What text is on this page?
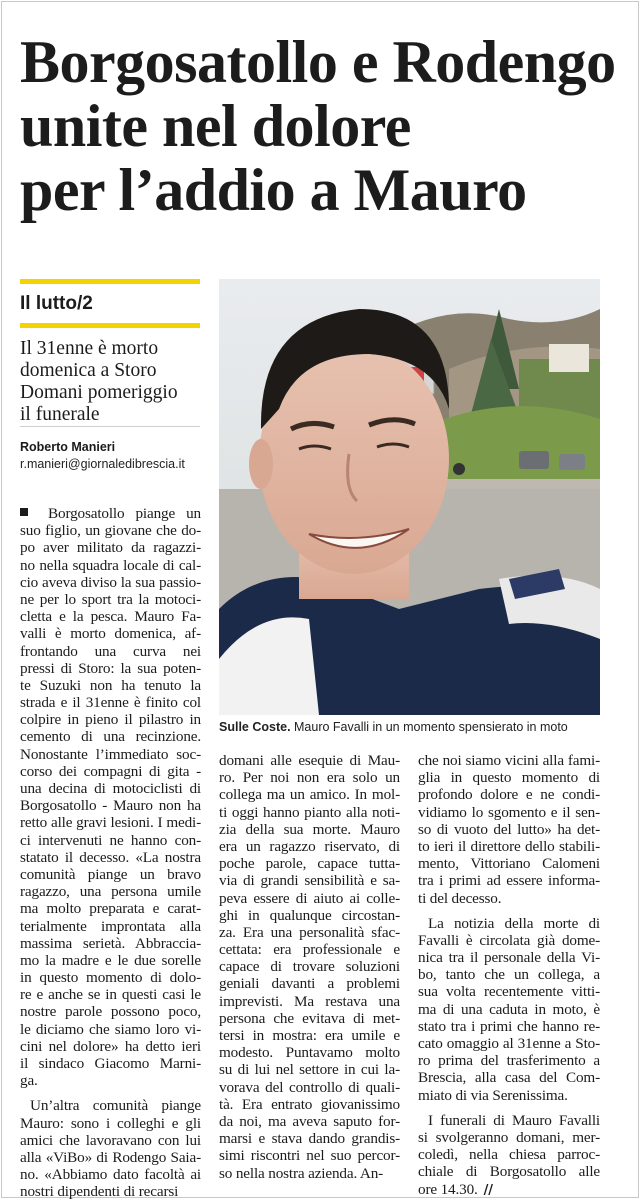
Borgosatollo e Rodengo
unite nel dolore
per l’addio a Mauro
Il lutto/2
Il 31enne è morto
domenica a Storo
Domani pomeriggio
il funerale
Roberto Manieri
r.manieri@giornaledibrescia.it
Sulle Coste. Mauro Favalli in un momento spensierato in moto
Borgosatollo piange un
suo figlio, un giovane che do-
po aver militato da ragazzi-
no nella squadra locale di cal-
cio aveva diviso la sua passio-
ne per lo sport tra la motoci-
cletta e la pesca. Mauro Fa-
valli è morto domenica, af-
frontando una curva nei
pressi di Storo: la sua poten-
te Suzuki non ha tenuto la
strada e il 31enne è finito col
colpire in pieno il pilastro in
cemento di una recinzione.
Nonostante l’immediato soc-
corso dei compagni di gita -
una decina di motociclisti di
Borgosatollo - Mauro non ha
retto alle gravi lesioni. I medi-
ci intervenuti ne hanno con-
statato il decesso. «La nostra
comunità piange un bravo
ragazzo, una persona umile
ma molto preparata e carat-
terialmente improntata alla
massima serietà. Abbraccia-
mo la madre e le due sorelle
in questo momento di dolo-
re e anche se in questi casi le
nostre parole possono poco,
le diciamo che siamo loro vi-
cini nel dolore» ha detto ieri
il sindaco Giacomo Marni-
ga.
Un’altra comunità piange
Mauro: sono i colleghi e gli
amici che lavoravano con lui
alla «ViBo» di Rodengo Saia-
no. «Abbiamo dato facoltà ai
nostri dipendenti di recarsi
domani alle esequie di Mau-
ro. Per noi non era solo un
collega ma un amico. In mol-
ti oggi hanno pianto alla noti-
zia della sua morte. Mauro
era un ragazzo riservato, di
poche parole, capace tuttа-
via di grandi sensibilità e sa-
peva essere di aiuto ai colle-
ghi in qualunque circostan-
za. Era una personalità sfac-
cettata: era professionale e
capace di trovare soluzioni
geniali davanti a problemi
imprevisti. Ma restava una
persona che evitava di met-
tersi in mostra: era umile e
modesto. Puntavamo molto
su di lui nel settore in cui la-
vorava del controllo di quali-
tà. Era entrato giovanissimo
da noi, ma aveva saputo for-
marsi e stava dando grandis-
simi riscontri nel suo percor-
so nella nostra azienda. An-
che noi siamo vicini alla fami-
glia in questo momento di
profondo dolore e ne condi-
vidiamo lo sgomento e il sen-
so di vuoto del lutto» ha det-
to ieri il direttore dello stabili-
mento, Vittoriano Calomeni
tra i primi ad essere informa-
ti del decesso.
La notizia della morte di
Favalli è circolata già dome-
nica tra il personale della Vi-
bo, tanto che un collega, a
sua volta recentemente vitti-
ma di una caduta in moto, è
stato tra i primi che hanno re-
cato omaggio al 31enne a Sto-
ro prima del trasferimento a
Brescia, alla casa del Com-
miato di via Serenissima.
I funerali di Mauro Favalli
si svolgeranno domani, mer-
coledì, nella chiesa parroc-
chiale di Borgosatollo alle
ore 14.30. //
